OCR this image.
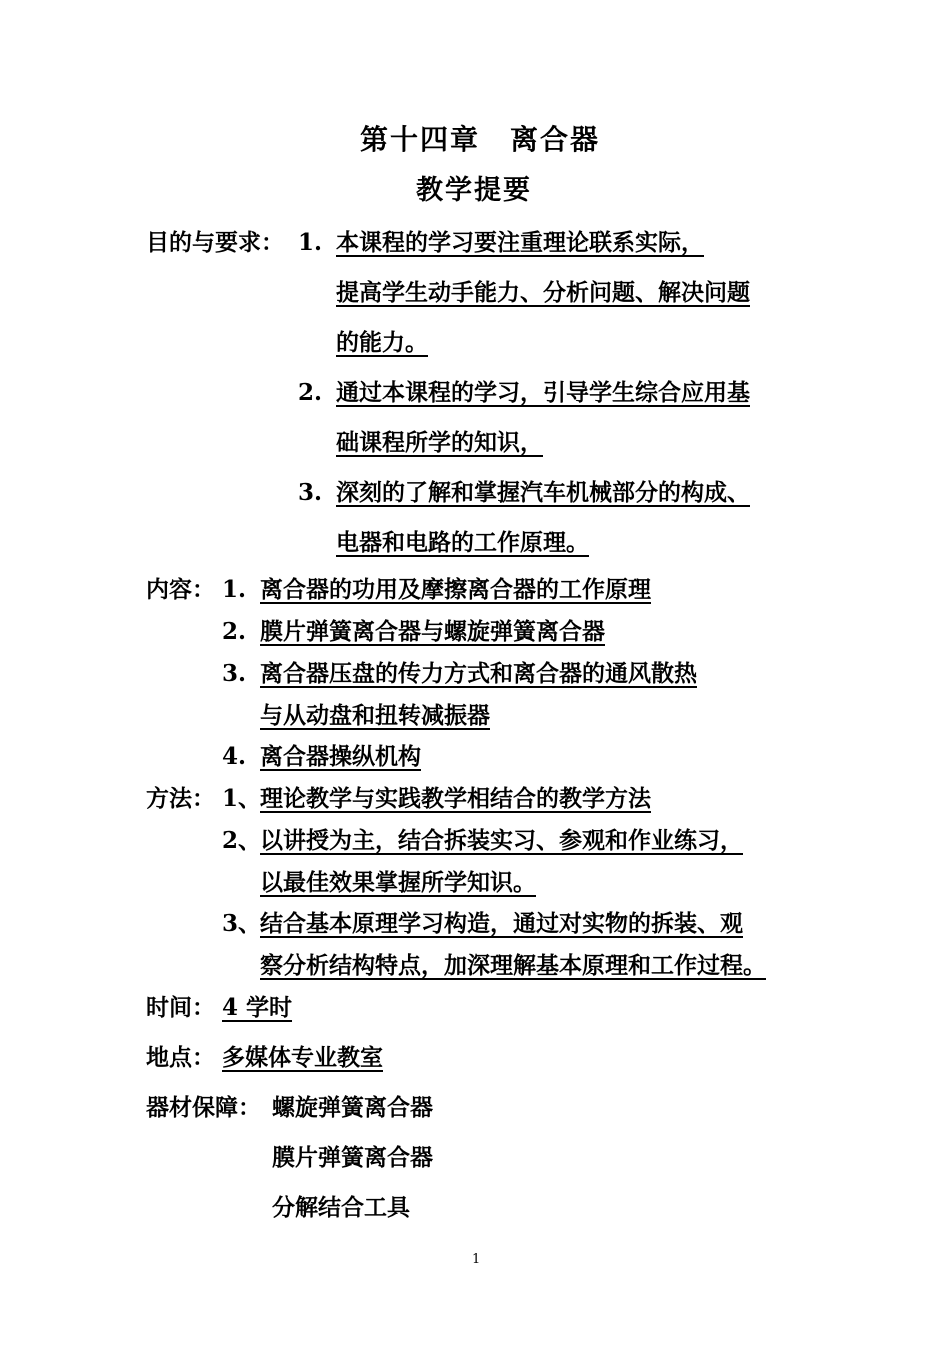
第十四章　离合器
教学提要
目的与要求： 1. 本课程的学习要注重理论联系实际，
提高学生动手能力、分析问题、解决问题
的能力。
2. 通过本课程的学习，引导学生综合应用基
础课程所学的知识，
3. 深刻的了解和掌握汽车机械部分的构成、
电器和电路的工作原理。
内容： 1. 离合器的功用及摩擦离合器的工作原理
2. 膜片弹簧离合器与螺旋弹簧离合器
3. 离合器压盘的传力方式和离合器的通风散热
与从动盘和扭转减振器
4. 离合器操纵机构
方法： 1、
理论教学与实践教学相结合的教学方法
2、
以讲授为主，结合拆装实习、参观和作业练习，
以最佳效果掌握所学知识。
3、
结合基本原理学习构造，通过对实物的拆装、观
察分析结构特点，加深理解基本原理和工作过程。
时间： 4 学时
地点： 多媒体专业教室
器材保障： 螺旋弹簧离合器
膜片弹簧离合器
分解结合工具
1
